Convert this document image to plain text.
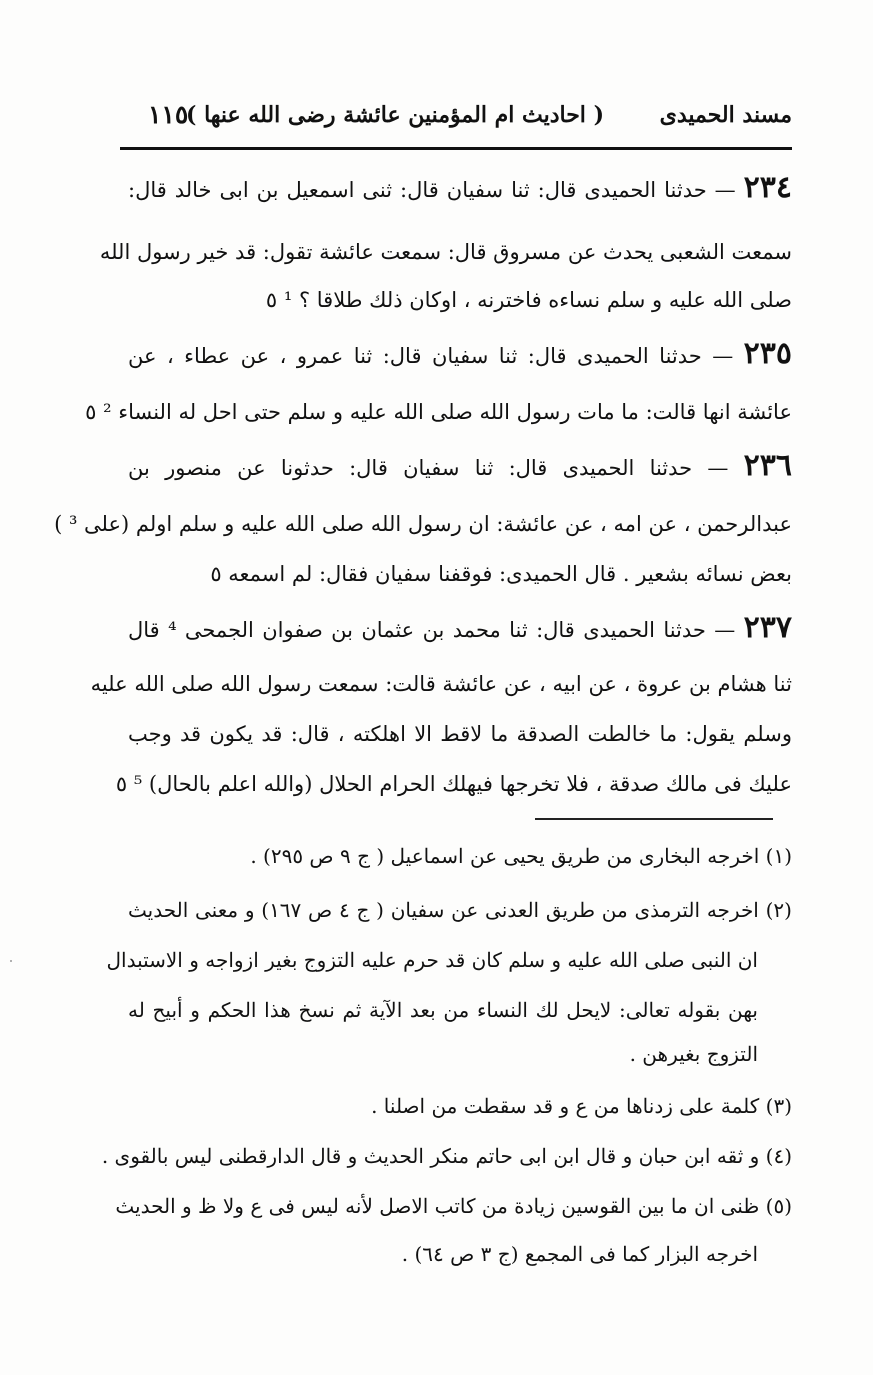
مسند الحميدى
( احاديث ام المؤمنين عائشة رضى الله عنها )
١١٥
٢٣٤ — حدثنا الحميدى قال: ثنا سفيان قال: ثنى اسمعيل بن ابى خالد قال:
سمعت الشعبى يحدث عن مسروق قال: سمعت عائشة تقول: قد خير رسول الله
صلى الله عليه و سلم نساءه فاخترنه ، اوكان ذلك طلاقا ؟ ¹ ٥
٢٣٥ — حدثنا الحميدى قال: ثنا سفيان قال: ثنا عمرو ، عن عطاء ، عن
عائشة انها قالت: ما مات رسول الله صلى الله عليه و سلم حتى احل له النساء ² ٥
٢٣٦ — حدثنا الحميدى قال: ثنا سفيان قال: حدثونا عن منصور بن
عبدالرحمن ، عن امه ، عن عائشة: ان رسول الله صلى الله عليه و سلم اولم (على ³ )
بعض نسائه بشعير . قال الحميدى: فوقفنا سفيان فقال: لم اسمعه ٥
٢٣٧ — حدثنا الحميدى قال: ثنا محمد بن عثمان بن صفوان الجمحى ⁴ قال
ثنا هشام بن عروة ، عن ابيه ، عن عائشة قالت: سمعت رسول الله صلى الله عليه
وسلم يقول: ما خالطت الصدقة ما لاقط الا اهلكته ، قال: قد يكون قد وجب
عليك فى مالك صدقة ، فلا تخرجها فيهلك الحرام الحلال (والله اعلم بالحال) ⁵ ٥
(١) اخرجه البخارى من طريق يحيى عن اسماعيل ( ج ٩ ص ٢٩٥) .
(٢) اخرجه الترمذى من طريق العدنى عن سفيان ( ج ٤ ص ١٦٧) و معنى الحديث
ان النبى صلى الله عليه و سلم كان قد حرم عليه التزوج بغير ازواجه و الاستبدال
بهن بقوله تعالى: لايحل لك النساء من بعد الآية ثم نسخ هذا الحكم و أبيح له
التزوج بغيرهن .
(٣) كلمة على زدناها من ع و قد سقطت من اصلنا .
(٤) و ثقه ابن حبان و قال ابن ابى حاتم منكر الحديث و قال الدارقطنى ليس بالقوى .
(٥) ظنى ان ما بين القوسين زيادة من كاتب الاصل لأنه ليس فى ع ولا ظ و الحديث
اخرجه البزار كما فى المجمع (ج ٣ ص ٦٤) .
